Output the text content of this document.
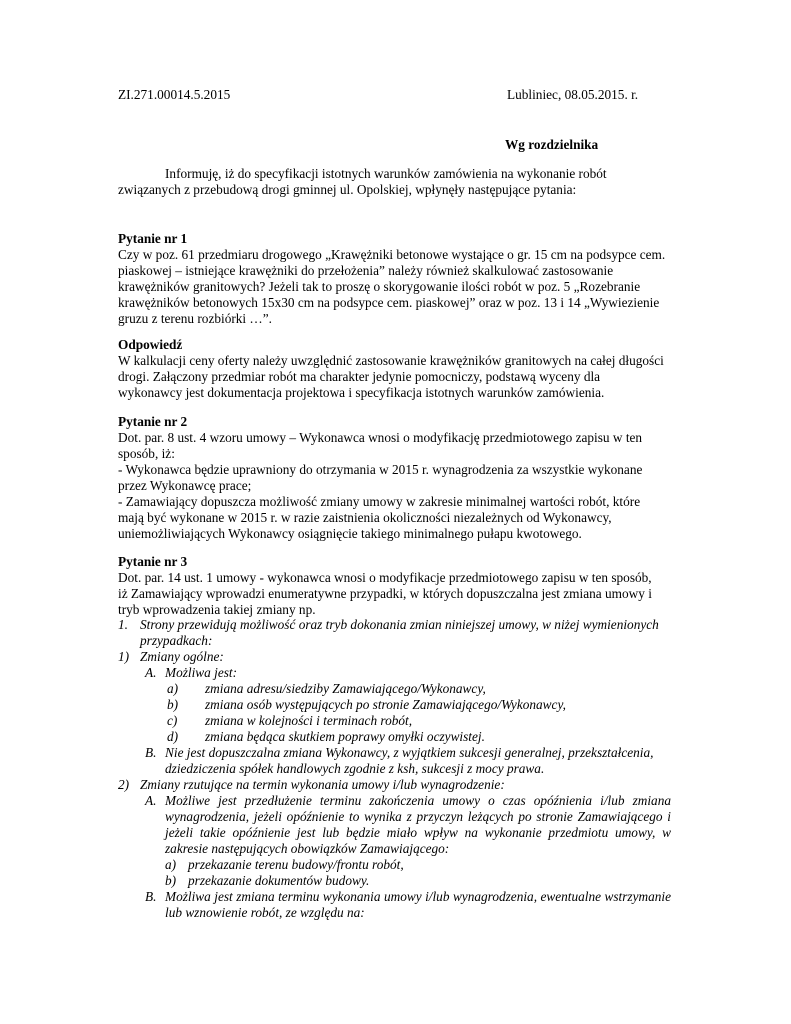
ZI.271.00014.5.2015	Lubliniec, 08.05.2015. r.
Wg rozdzielnika
Informuję, iż do specyfikacji istotnych warunków zamówienia na wykonanie robót
związanych z przebudową drogi gminnej ul. Opolskiej, wpłynęły następujące pytania:
Pytanie nr 1
Czy w poz. 61 przedmiaru drogowego „Krawężniki betonowe wystające o gr. 15 cm na podsypce cem.
piaskowej – istniejące krawężniki do przełożenia” należy również skalkulować zastosowanie
krawężników granitowych? Jeżeli tak to proszę o skorygowanie ilości robót w poz. 5 „Rozebranie
krawężników betonowych 15x30 cm na podsypce cem. piaskowej” oraz w poz. 13 i 14 „Wywiezienie
gruzu z terenu rozbiórki …”.
Odpowiedź
W kalkulacji ceny oferty należy uwzględnić zastosowanie krawężników granitowych na całej długości
drogi. Załączony przedmiar robót ma charakter jedynie pomocniczy, podstawą wyceny dla
wykonawcy jest dokumentacja projektowa i specyfikacja istotnych warunków zamówienia.
Pytanie nr 2
Dot. par. 8 ust. 4 wzoru umowy – Wykonawca wnosi o modyfikację przedmiotowego zapisu w ten
sposób, iż:
- Wykonawca będzie uprawniony do otrzymania w 2015 r. wynagrodzenia za wszystkie wykonane
przez Wykonawcę prace;
- Zamawiający dopuszcza możliwość zmiany umowy w zakresie minimalnej wartości robót, które
mają być wykonane w 2015 r. w razie zaistnienia okoliczności niezależnych od Wykonawcy,
uniemożliwiających Wykonawcy osiągnięcie takiego minimalnego pułapu kwotowego.
Pytanie nr 3
Dot. par. 14 ust. 1 umowy - wykonawca wnosi o modyfikacje przedmiotowego zapisu w ten sposób,
iż Zamawiający wprowadzi enumeratywne przypadki, w których dopuszczalna jest zmiana umowy i
tryb wprowadzenia takiej zmiany np.
1. Strony przewidują możliwość oraz tryb dokonania zmian niniejszej umowy, w niżej wymienionych
przypadkach:
1) Zmiany ogólne:
A. Możliwa jest:
a) zmiana adresu/siedziby Zamawiającego/Wykonawcy,
b) zmiana osób występujących po stronie Zamawiającego/Wykonawcy,
c) zmiana w kolejności i terminach robót,
d) zmiana będąca skutkiem poprawy omyłki oczywistej.
B. Nie jest dopuszczalna zmiana Wykonawcy, z wyjątkiem sukcesji generalnej, przekształcenia,
dziedziczenia spółek handlowych zgodnie z ksh, sukcesji z mocy prawa.
2) Zmiany rzutujące na termin wykonania umowy i/lub wynagrodzenie:
A. Możliwe jest przedłużenie terminu zakończenia umowy o czas opóźnienia i/lub zmiana
wynagrodzenia, jeżeli opóźnienie to wynika z przyczyn leżących po stronie Zamawiającego i
jeżeli takie opóźnienie jest lub będzie miało wpływ na wykonanie przedmiotu umowy, w
zakresie następujących obowiązków Zamawiającego:
a) przekazanie terenu budowy/frontu robót,
b) przekazanie dokumentów budowy.
B. Możliwa jest zmiana terminu wykonania umowy i/lub wynagrodzenia, ewentualne wstrzymanie
lub wznowienie robót, ze względu na:
